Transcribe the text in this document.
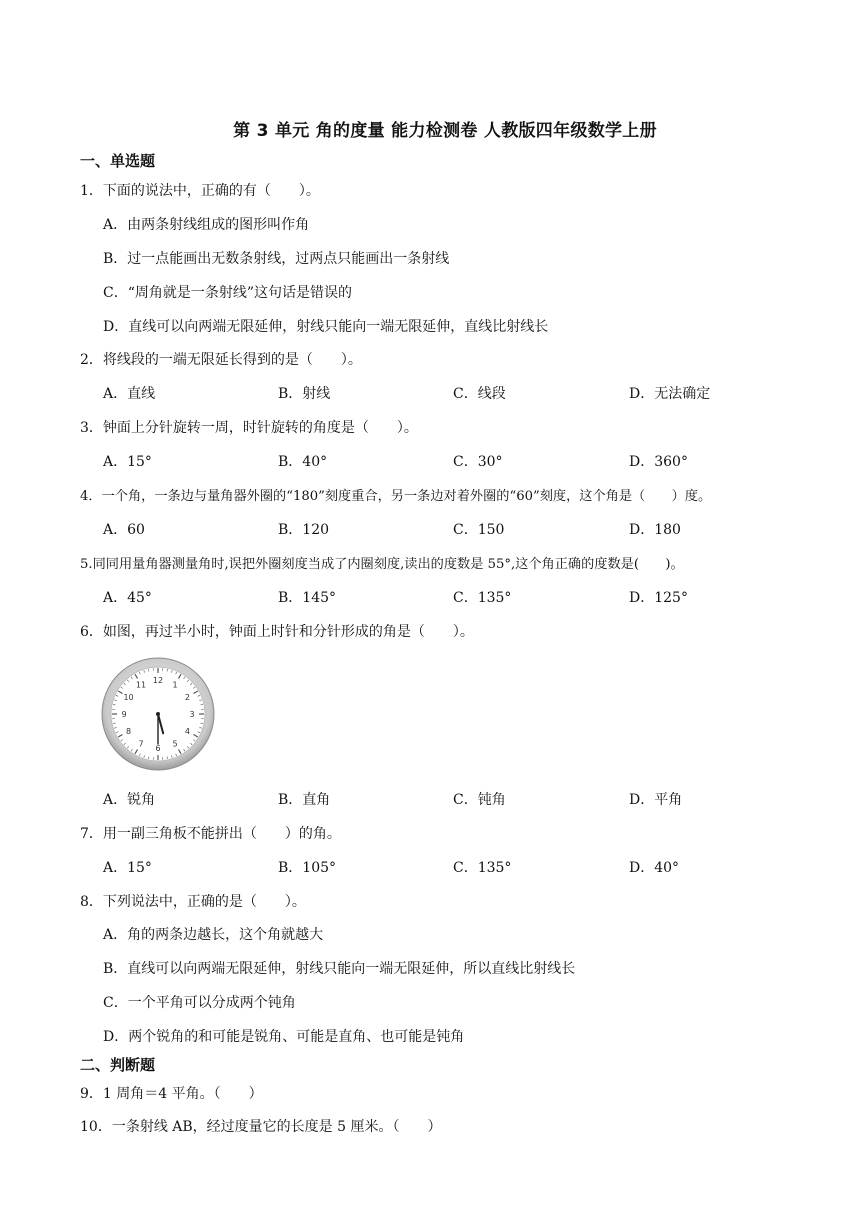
第 3 单元 角的度量 能力检测卷 人教版四年级数学上册
一、单选题
1．下面的说法中，正确的有（　　）。
A．由两条射线组成的图形叫作角
B．过一点能画出无数条射线，过两点只能画出一条射线
C．“周角就是一条射线”这句话是错误的
D．直线可以向两端无限延伸，射线只能向一端无限延伸，直线比射线长
2．将线段的一端无限延长得到的是（　　）。
A．直线	B．射线	C．线段	D．无法确定
3．钟面上分针旋转一周，时针旋转的角度是（　　）。
A．15°	B．40°	C．30°	D．360°
4．一个角，一条边与量角器外圈的“180”刻度重合，另一条边对着外圈的“60”刻度，这个角是（　　）度。
A．60	B．120	C．150	D．180
5.同同用量角器测量角时,误把外圈刻度当成了内圈刻度,读出的度数是 55°,这个角正确的度数是(　　)。
A．45°	B．145°	C．135°	D．125°
6．如图，再过半小时，钟面上时针和分针形成的角是（　　）。
12
1
2
3
4
5
6
7
8
9
10
11
A．锐角	B．直角	C．钝角	D．平角
7．用一副三角板不能拼出（　　）的角。
A．15°	B．105°	C．135°	D．40°
8．下列说法中，正确的是（　　）。
A．角的两条边越长，这个角就越大
B．直线可以向两端无限延伸，射线只能向一端无限延伸，所以直线比射线长
C．一个平角可以分成两个钝角
D．两个锐角的和可能是锐角、可能是直角、也可能是钝角
二、判断题
9．1 周角＝4 平角。（　　）
10．一条射线 AB，经过度量它的长度是 5 厘米。（　　）
